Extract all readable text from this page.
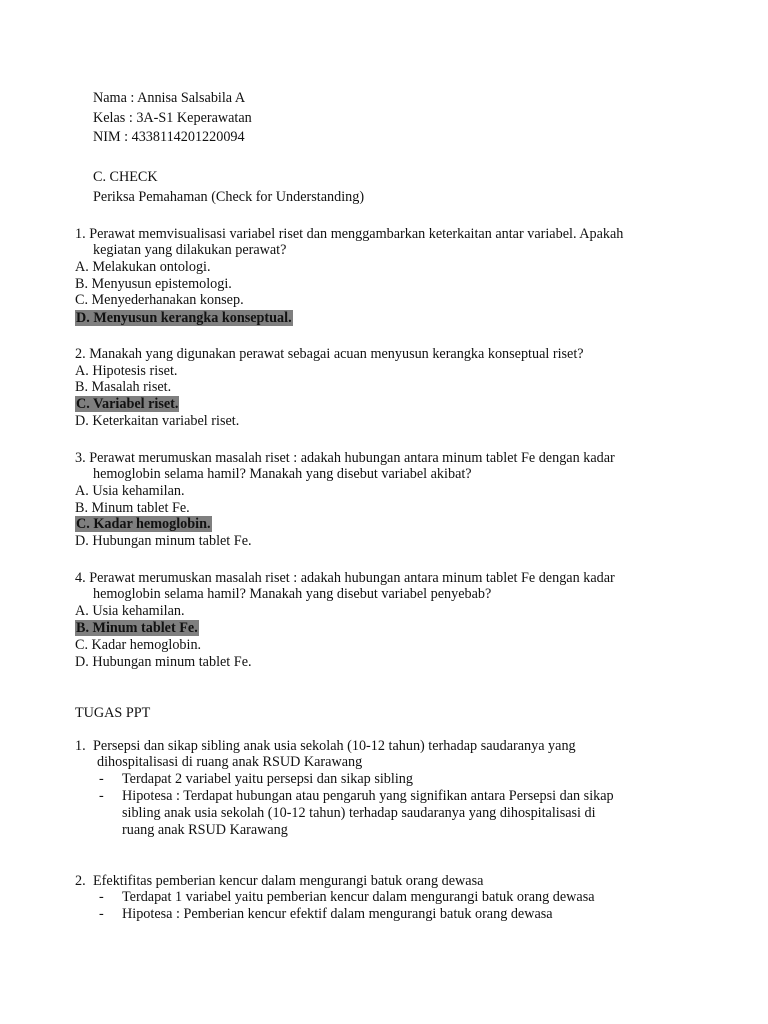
Nama : Annisa Salsabila A
Kelas : 3A-S1 Keperawatan
NIM : 4338114201220094
C. CHECK
Periksa Pemahaman (Check for Understanding)
1. Perawat memvisualisasi variabel riset dan menggambarkan keterkaitan antar variabel. Apakah
kegiatan yang dilakukan perawat?
A. Melakukan ontologi.
B. Menyusun epistemologi.
C. Menyederhanakan konsep.
D. Menyusun kerangka konseptual.
2. Manakah yang digunakan perawat sebagai acuan menyusun kerangka konseptual riset?
A. Hipotesis riset.
B. Masalah riset.
C. Variabel riset.
D. Keterkaitan variabel riset.
3. Perawat merumuskan masalah riset : adakah hubungan antara minum tablet Fe dengan kadar
hemoglobin selama hamil? Manakah yang disebut variabel akibat?
A. Usia kehamilan.
B. Minum tablet Fe.
C. Kadar hemoglobin.
D. Hubungan minum tablet Fe.
4. Perawat merumuskan masalah riset : adakah hubungan antara minum tablet Fe dengan kadar
hemoglobin selama hamil? Manakah yang disebut variabel penyebab?
A. Usia kehamilan.
B. Minum tablet Fe.
C. Kadar hemoglobin.
D. Hubungan minum tablet Fe.
TUGAS PPT
1. Persepsi dan sikap sibling anak usia sekolah (10-12 tahun) terhadap saudaranya yang
dihospitalisasi di ruang anak RSUD Karawang
- Terdapat 2 variabel yaitu persepsi dan sikap sibling
- Hipotesa : Terdapat hubungan atau pengaruh yang signifikan antara Persepsi dan sikap
sibling anak usia sekolah (10-12 tahun) terhadap saudaranya yang dihospitalisasi di
ruang anak RSUD Karawang
2. Efektifitas pemberian kencur dalam mengurangi batuk orang dewasa
- Terdapat 1 variabel yaitu pemberian kencur dalam mengurangi batuk orang dewasa
- Hipotesa : Pemberian kencur efektif dalam mengurangi batuk orang dewasa
